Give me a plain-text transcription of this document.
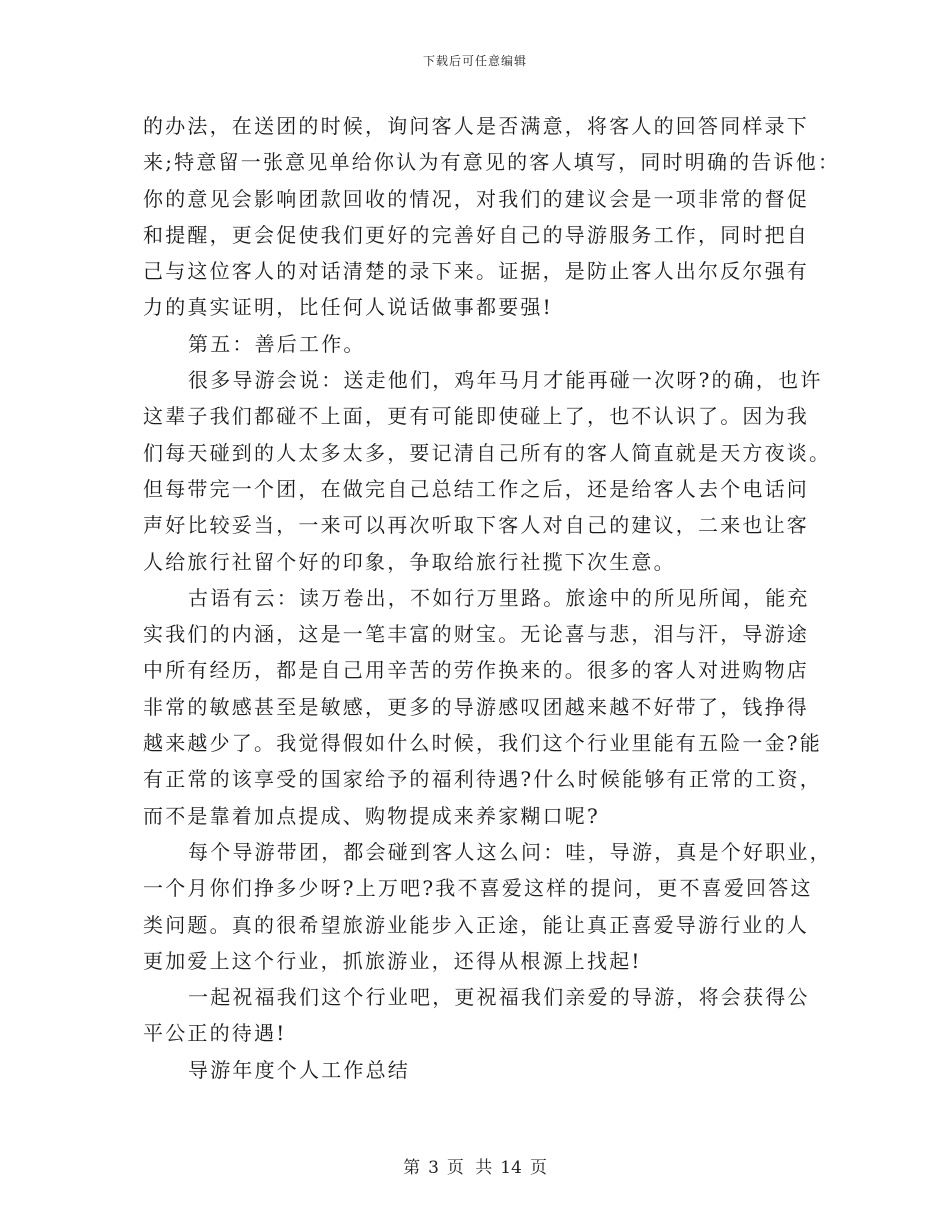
下载后可任意编辑
的办法，在送团的时候，询问客人是否满意，将客人的回答同样录下
来;特意留一张意见单给你认为有意见的客人填写，同时明确的告诉他：
你的意见会影响团款回收的情况，对我们的建议会是一项非常的督促
和提醒，更会促使我们更好的完善好自己的导游服务工作，同时把自
己与这位客人的对话清楚的录下来。证据，是防止客人出尔反尔强有
力的真实证明，比任何人说话做事都要强!
第五：善后工作。
很多导游会说：送走他们，鸡年马月才能再碰一次呀?的确，也许
这辈子我们都碰不上面，更有可能即使碰上了，也不认识了。因为我
们每天碰到的人太多太多，要记清自己所有的客人简直就是天方夜谈。
但每带完一个团，在做完自己总结工作之后，还是给客人去个电话问
声好比较妥当，一来可以再次听取下客人对自己的建议，二来也让客
人给旅行社留个好的印象，争取给旅行社揽下次生意。
古语有云：读万卷出，不如行万里路。旅途中的所见所闻，能充
实我们的内涵，这是一笔丰富的财宝。无论喜与悲，泪与汗，导游途
中所有经历，都是自己用辛苦的劳作换来的。很多的客人对进购物店
非常的敏感甚至是敏感，更多的导游感叹团越来越不好带了，钱挣得
越来越少了。我觉得假如什么时候，我们这个行业里能有五险一金?能
有正常的该享受的国家给予的福利待遇?什么时候能够有正常的工资，
而不是靠着加点提成、购物提成来养家糊口呢?
每个导游带团，都会碰到客人这么问：哇，导游，真是个好职业，
一个月你们挣多少呀?上万吧?我不喜爱这样的提问，更不喜爱回答这
类问题。真的很希望旅游业能步入正途，能让真正喜爱导游行业的人
更加爱上这个行业，抓旅游业，还得从根源上找起!
一起祝福我们这个行业吧，更祝福我们亲爱的导游，将会获得公
平公正的待遇!
导游年度个人工作总结
第 3 页 共 14 页
